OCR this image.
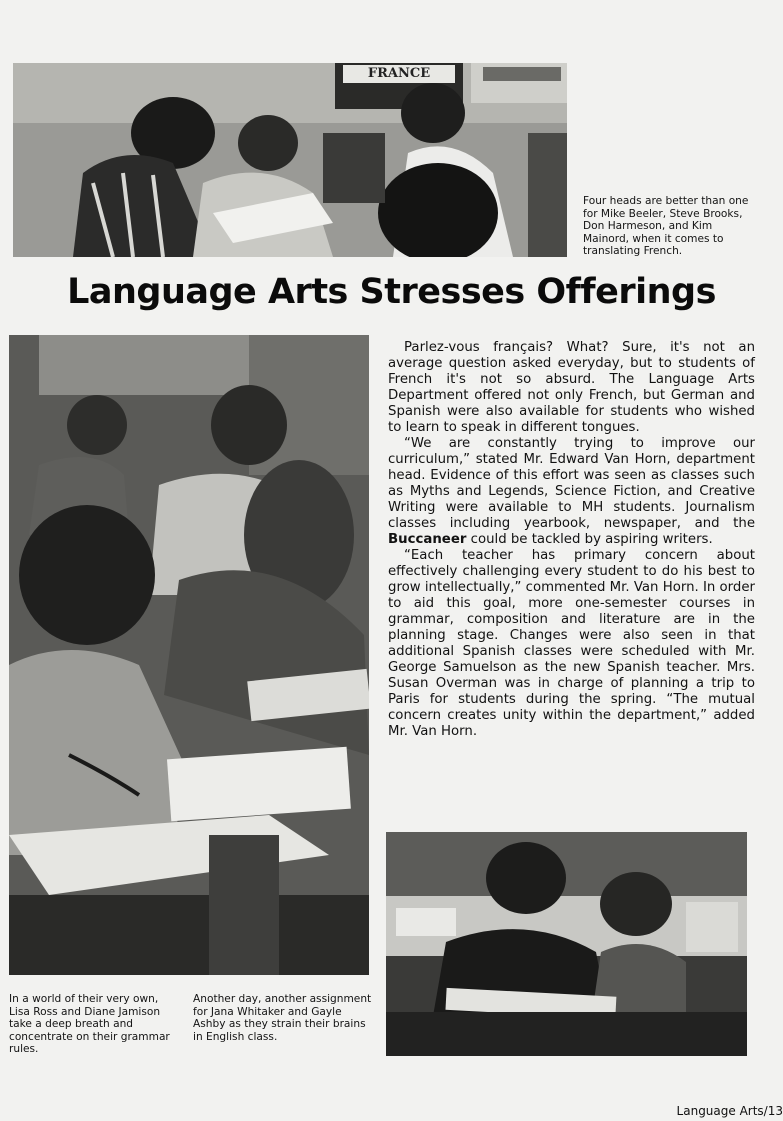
FRANCE
Four heads are better than one for Mike Beeler, Steve Brooks, Don Harmeson, and Kim Mainord, when it comes to translating French.
Language Arts Stresses Offerings
In a world of their very own, Lisa Ross and Diane Jamison take a deep breath and concentrate on their grammar rules.
Another day, another assignment for Jana Whitaker and Gayle Ashby as they strain their brains in English class.

Parlez-vous français? What? Sure, it's not an average question asked everyday, but to students of French it's not so absurd. The Language Arts Department offered not only French, but German and Spanish were also available for students who wished to learn to speak in different tongues.

“We are constantly trying to improve our curriculum,” stated Mr. Edward Van Horn, department head. Evidence of this effort was seen as classes such as Myths and Legends, Science Fiction, and Creative Writing were available to MH students. Journalism classes including yearbook, newspaper, and the Buccaneer could be tackled by aspiring writers.

“Each teacher has primary concern about effectively challenging every student to do his best to grow intellectually,” commented Mr. Van Horn. In order to aid this goal, more one-semester courses in grammar, composition and literature are in the planning stage. Changes were also seen in that additional Spanish classes were scheduled with Mr. George Samuelson as the new Spanish teacher. Mrs. Susan Overman was in charge of planning a trip to Paris for students during the spring. “The mutual concern creates unity within the department,” added Mr. Van Horn.

Language Arts/13
